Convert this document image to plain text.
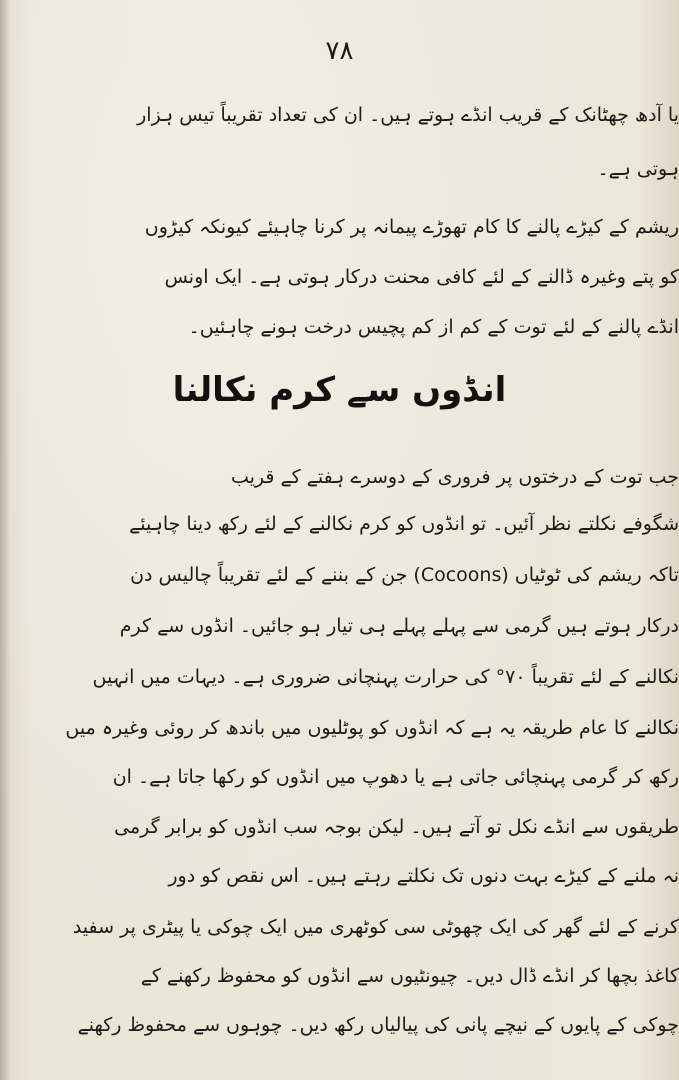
٧٨
یا آدھ چھٹانک کے قریب انڈے ہوتے ہیں۔ ان کی تعداد تقریباً تیس ہزار
ہوتی ہے۔
ریشم کے کیڑے پالنے کا کام تھوڑے پیمانہ پر کرنا چاہیئے کیونکہ کیڑوں
کو پتے وغیرہ ڈالنے کے لئے کافی محنت درکار ہوتی ہے۔ ایک اونس
انڈے پالنے کے لئے توت کے کم از کم پچیس درخت ہونے چاہئیں۔
انڈوں سے کرم نکالنا
جب توت کے درختوں پر فروری کے دوسرے ہفتے کے قریب
شگوفے نکلتے نظر آئیں۔ تو انڈوں کو کرم نکالنے کے لئے رکھ دینا چاہیئے
تاکہ ریشم کی ٹوٹیاں (Cocoons) جن کے بننے کے لئے تقریباً چالیس دن
درکار ہوتے ہیں گرمی سے پہلے پہلے ہی تیار ہو جائیں۔ انڈوں سے کرم
نکالنے کے لئے تقریباً ٧٠° کی حرارت پہنچانی ضروری ہے۔ دیہات میں انہیں
نکالنے کا عام طریقہ یہ ہے کہ انڈوں کو پوٹلیوں میں باندھ کر روئی وغیرہ میں
رکھ کر گرمی پہنچائی جاتی ہے یا دھوپ میں انڈوں کو رکھا جاتا ہے۔ ان
طریقوں سے انڈے نکل تو آتے ہیں۔ لیکن بوجہ سب انڈوں کو برابر گرمی
نہ ملنے کے کیڑے بہت دنوں تک نکلتے رہتے ہیں۔ اس نقص کو دور
کرنے کے لئے گھر کی ایک چھوٹی سی کوٹھری میں ایک چوکی یا پیٹری پر سفید
کاغذ بچھا کر انڈے ڈال دیں۔ چیونٹیوں سے انڈوں کو محفوظ رکھنے کے
چوکی کے پایوں کے نیچے پانی کی پیالیاں رکھ دیں۔ چوہوں سے محفوظ رکھنے
